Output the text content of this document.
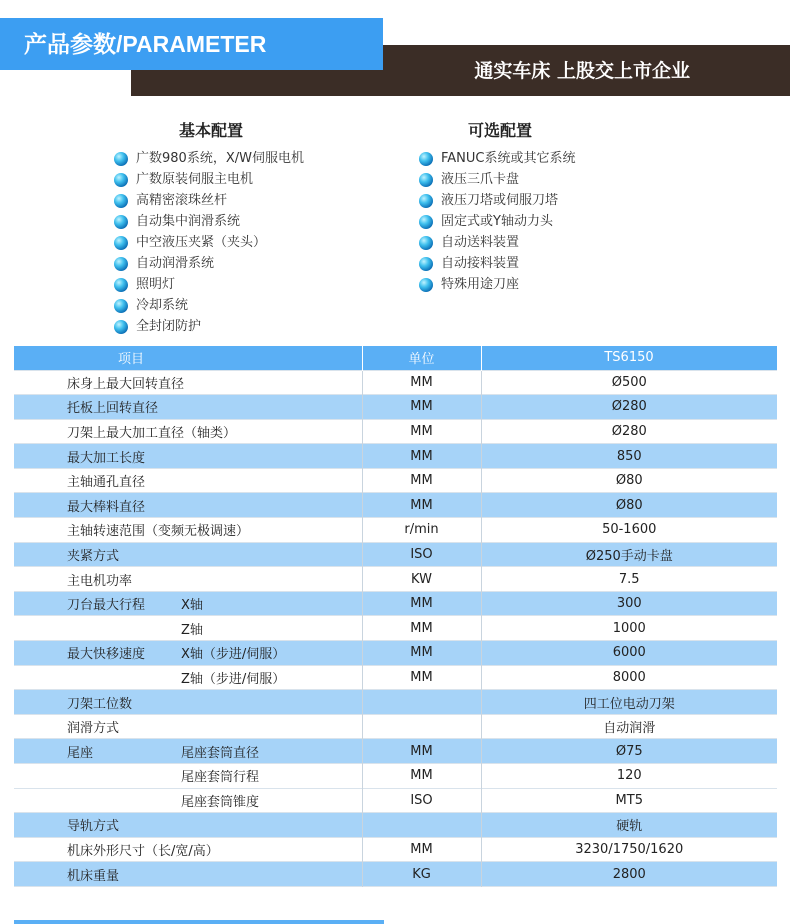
产品参数/PARAMETER
通实车床 上股交上市企业
基本配置	可选配置
广数980系统，X/W伺服电机
广数原装伺服主电机
高精密滚珠丝杆
自动集中润滑系统
中空液压夹紧（夹头）
自动润滑系统
照明灯
冷却系统
全封闭防护
FANUC系统或其它系统
液压三爪卡盘
液压刀塔或伺服刀塔
固定式或Y轴动力头
自动送料装置
自动接料装置
特殊用途刀座
项目	单位	TS6150
床身上最大回转直径	MM	Ø500
托板上回转直径	MM	Ø280
刀架上最大加工直径（轴类）	MM	Ø280
最大加工长度	MM	850
主轴通孔直径	MM	Ø80
最大棒料直径	MM	Ø80
主轴转速范围（变频无极调速）	r/min	50-1600
夹紧方式	ISO	Ø250手动卡盘
主电机功率	KW	7.5
刀台最大行程 X轴	MM	300
Z轴	MM	1000
最大快移速度 X轴（步进/伺服）	MM	6000
Z轴（步进/伺服）	MM	8000
刀架工位数		四工位电动刀架
润滑方式		自动润滑
尾座 尾座套筒直径	MM	Ø75
尾座套筒行程	MM	120
尾座套筒锥度	ISO	MT5
导轨方式		硬轨
机床外形尺寸（长/宽/高）	MM	3230/1750/1620
机床重量	KG	2800
